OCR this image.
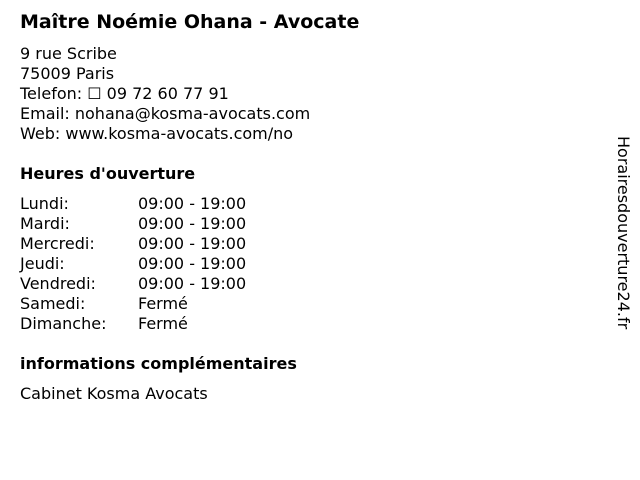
Maître Noémie Ohana - Avocate
9 rue Scribe
75009 Paris
Telefon: ☐ 09 72 60 77 91
Email: nohana@kosma-avocats.com
Web: www.kosma-avocats.com/no
Heures d'ouverture
Lundi:	09:00 - 19:00
Mardi:	09:00 - 19:00
Mercredi:	09:00 - 19:00
Jeudi:	09:00 - 19:00
Vendredi:	09:00 - 19:00
Samedi:	Fermé
Dimanche: Fermé
informations complémentaires
Cabinet Kosma Avocats
Horairesdouverture24.fr
